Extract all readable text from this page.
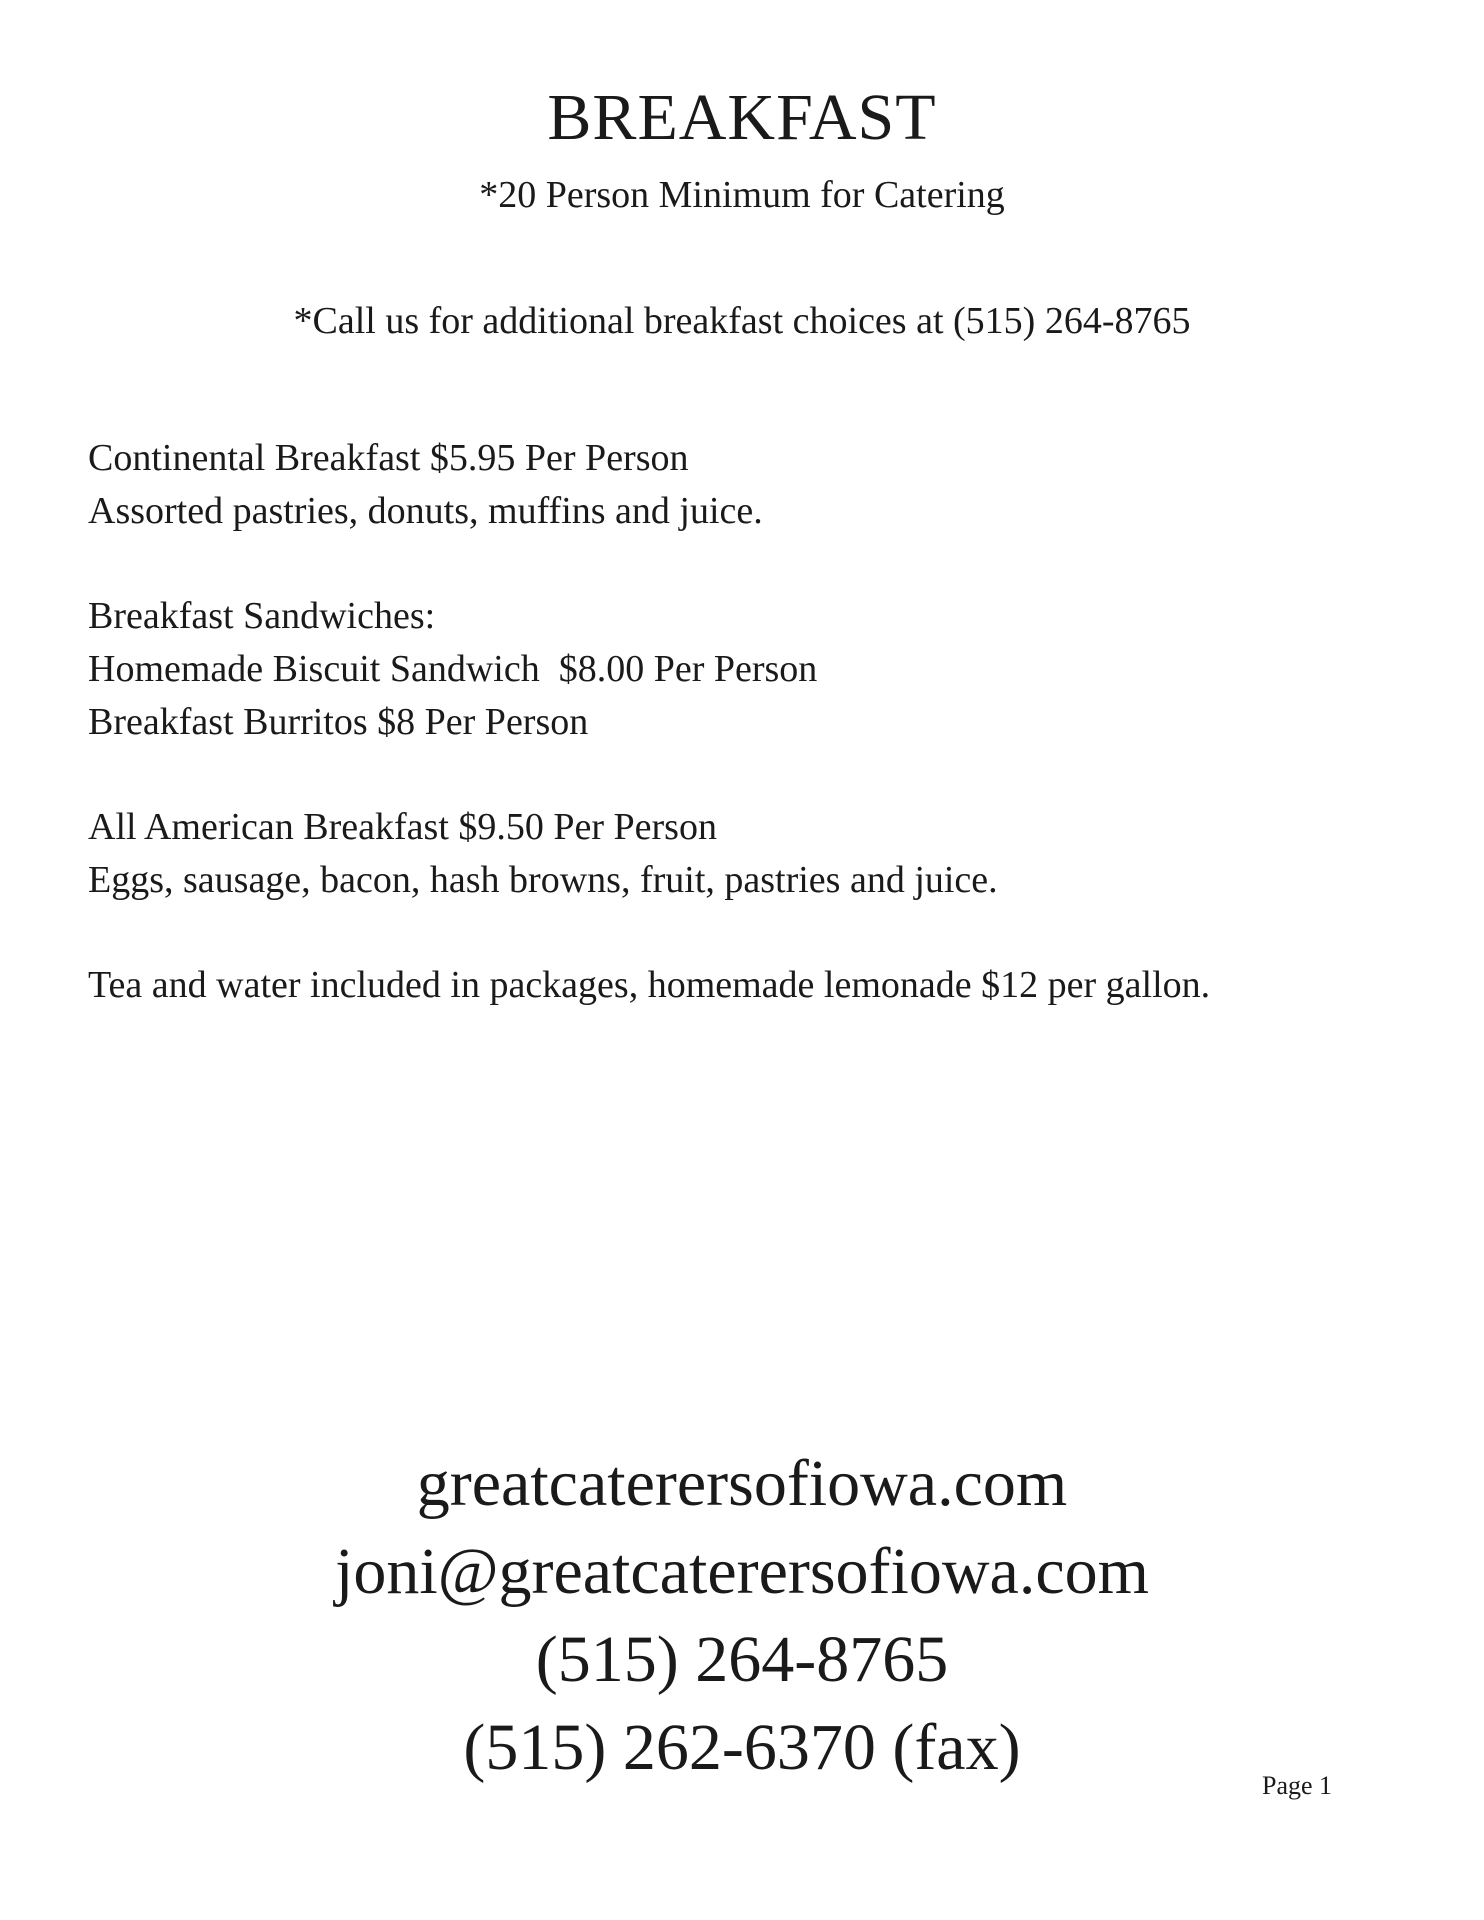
BREAKFAST

*20 Person Minimum for Catering

*Call us for additional breakfast choices at (515) 264-8765

Continental Breakfast $5.95 Per Person
Assorted pastries, donuts, muffins and juice.
Breakfast Sandwiches:
Homemade Biscuit Sandwich  $8.00 Per Person
Breakfast Burritos $8 Per Person
All American Breakfast $9.50 Per Person
Eggs, sausage, bacon, hash browns, fruit, pastries and juice.
Tea and water included in packages, homemade lemonade $12 per gallon.
greatcaterersofiowa.com
joni@greatcaterersofiowa.com
(515) 264-8765
(515) 262-6370 (fax)
Page 1
